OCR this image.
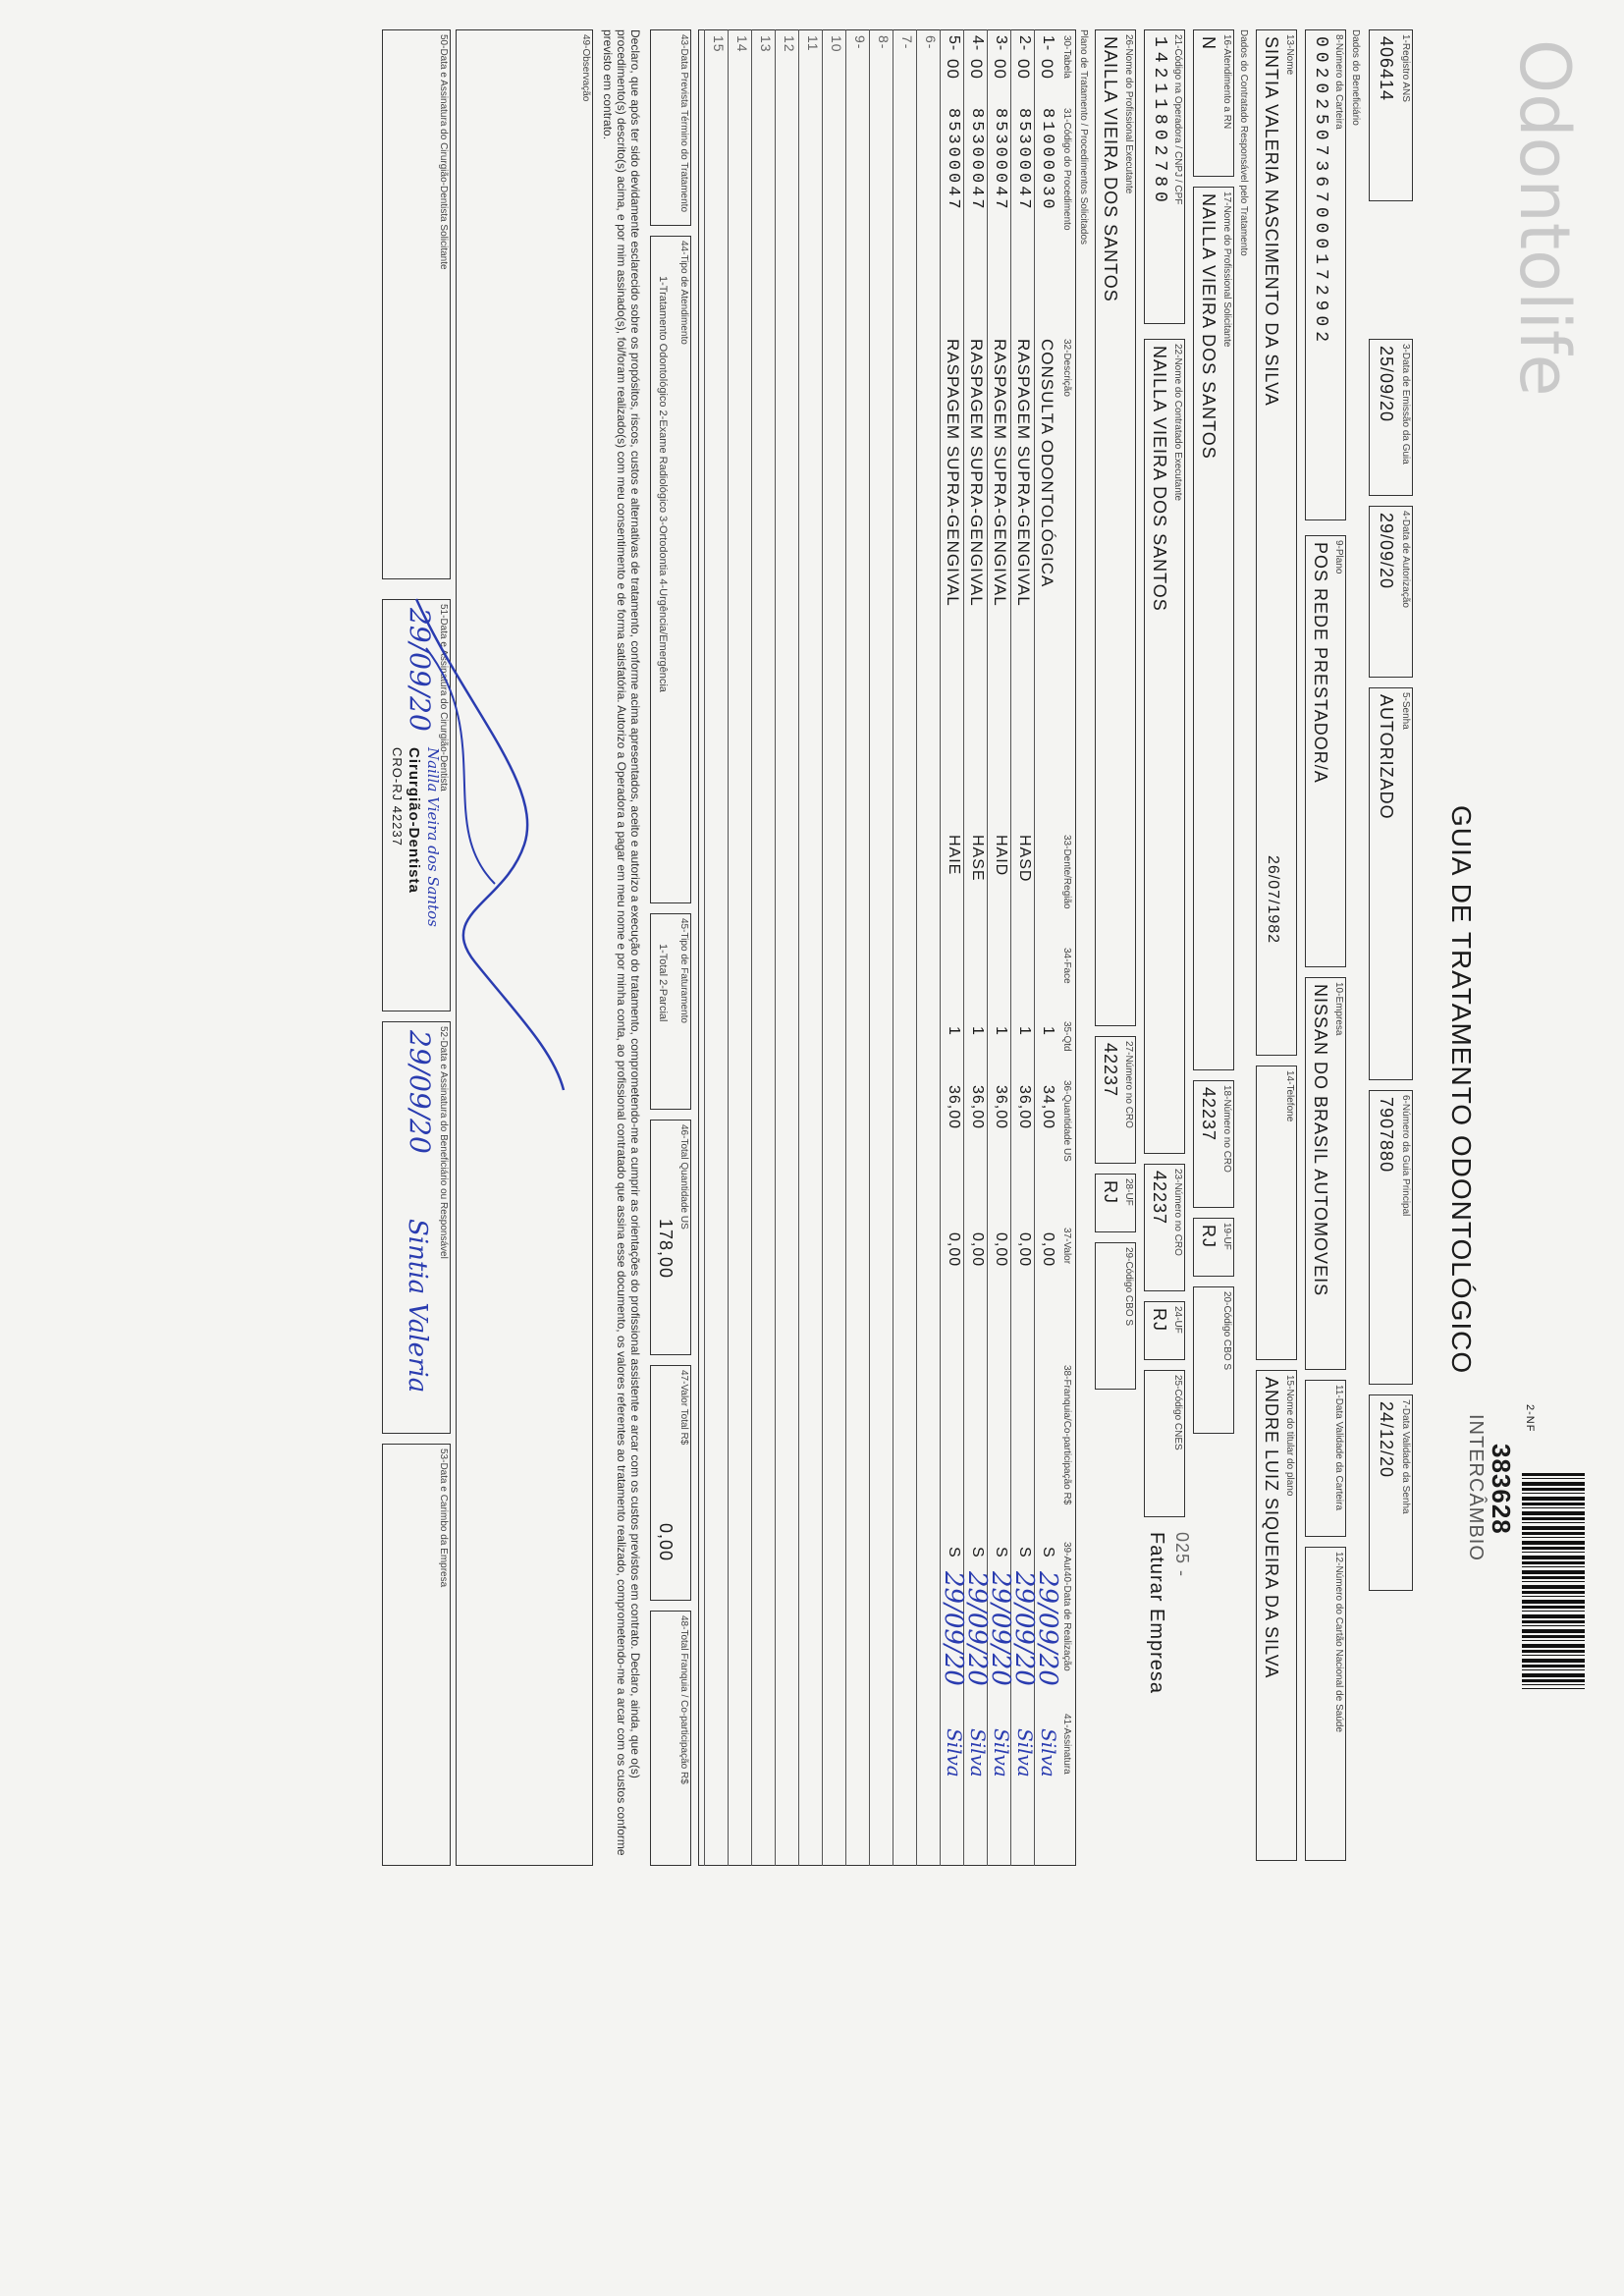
Odontolife
GUIA DE TRATAMENTO ODONTOLÓGICO
2-NF
383628
INTERCÂMBIO
1-Registro ANS
406414
3-Data de Emissão da Guia
25/09/20
4-Data de Autorização
29/09/20
5-Senha
AUTORIZADO
6-Número da Guia Principal
7907880
7-Data Validade da Senha
24/12/20
Dados do Beneficiário
8-Número da Carteira
00202507367000172902
9-Plano
POS REDE PRESTADOR/A
10-Empresa
NISSAN DO BRASIL AUTOMOVEIS
11-Data Validade da Carteira
12-Número do Cartão Nacional de Saúde
13-Nome
SINTIA VALERIA NASCIMENTO DA SILVA
26/07/1982
14-Telefone
15-Nome do titular do plano
ANDRE LUIZ SIQUEIRA DA SILVA
Dados do Contratado Responsável pelo Tratamento
16-Atendimento a RN
N
17-Nome do Profissional Solicitante
NAILLA VIEIRA DOS SANTOS
18-Número no CRO
42237
19-UF
RJ
20-Código CBO S
21-Código na Operadora / CNPJ / CPF
14211802780
22-Nome do Contratado Executante
NAILLA VIEIRA DOS SANTOS
23-Número no CRO
42237
24-UF
RJ
25-Código CNES
025 -
Faturar Empresa
26-Nome do Profissional Executante
NAILLA VIEIRA DOS SANTOS
27-Número no CRO
42237
28-UF
RJ
29-Código CBO S
Plano de Tratamento / Procedimentos Solicitados
30-Tabela
31-Código do Procedimento
32-Descrição
33-Dente/Região
34-Face
35-Qtd
36-Quantidade US
37-Valor
38-Franquia/Co-participação R$
39-Aut
40-Data de Realização
41-Assinatura
1-
00
81000030
CONSULTA ODONTOLÓGICA
1
34,00
0,00
S
29/09/20
Silva
2-
00
85300047
RASPAGEM SUPRA-GENGIVAL
HASD
1
36,00
0,00
S
29/09/20
Silva
3-
00
85300047
RASPAGEM SUPRA-GENGIVAL
HAID
1
36,00
0,00
S
29/09/20
Silva
4-
00
85300047
RASPAGEM SUPRA-GENGIVAL
HASE
1
36,00
0,00
S
29/09/20
Silva
5-
00
85300047
RASPAGEM SUPRA-GENGIVAL
HAIE
1
36,00
0,00
S
29/09/20
Silva
6-
7-
8-
9-
10
11
12
13
14
15
43-Data Prevista Término do Tratamento
44-Tipo de Atendimento
1-Tratamento Odontológico 2-Exame Radiológico 3-Ortodontia 4-Urgência/Emergência
45-Tipo de Faturamento
1-Total 2-Parcial
46-Total Quantidade US
178,00
47-Valor Total R$
0,00
48-Total Franquia / Co-participação R$
Declaro, que após ter sido devidamente esclarecido sobre os propósitos, riscos, custos e alternativas de tratamento, conforme acima apresentados, aceito e autorizo a execução do tratamento, comprometendo-me a cumprir as orientações do profissional assistente e arcar com os custos previstos em contrato. Declaro, ainda, que o(s) procedimento(s) descrito(s) acima, e por mim assinado(s), foi/foram realizado(s) com meu consentimento e de forma satisfatória. Autorizo a Operadora a pagar em meu nome e por minha conta, ao profissional contratado que assina esse documento, os valores referentes ao tratamento realizado, comprometendo-me a arcar com os custos conforme previsto em contrato.
49-Observação
50-Data e Assinatura do Cirurgião-Dentista Solicitante
51-Data e Assinatura do Cirurgião-Dentista
29/09/20
Nailla Vieira dos Santos
Cirurgião-Dentista
CRO-RJ 42237
52-Data e Assinatura do Beneficiário ou Responsável
29/09/20
Sintia Valeria
53-Data e Carimbo da Empresa
